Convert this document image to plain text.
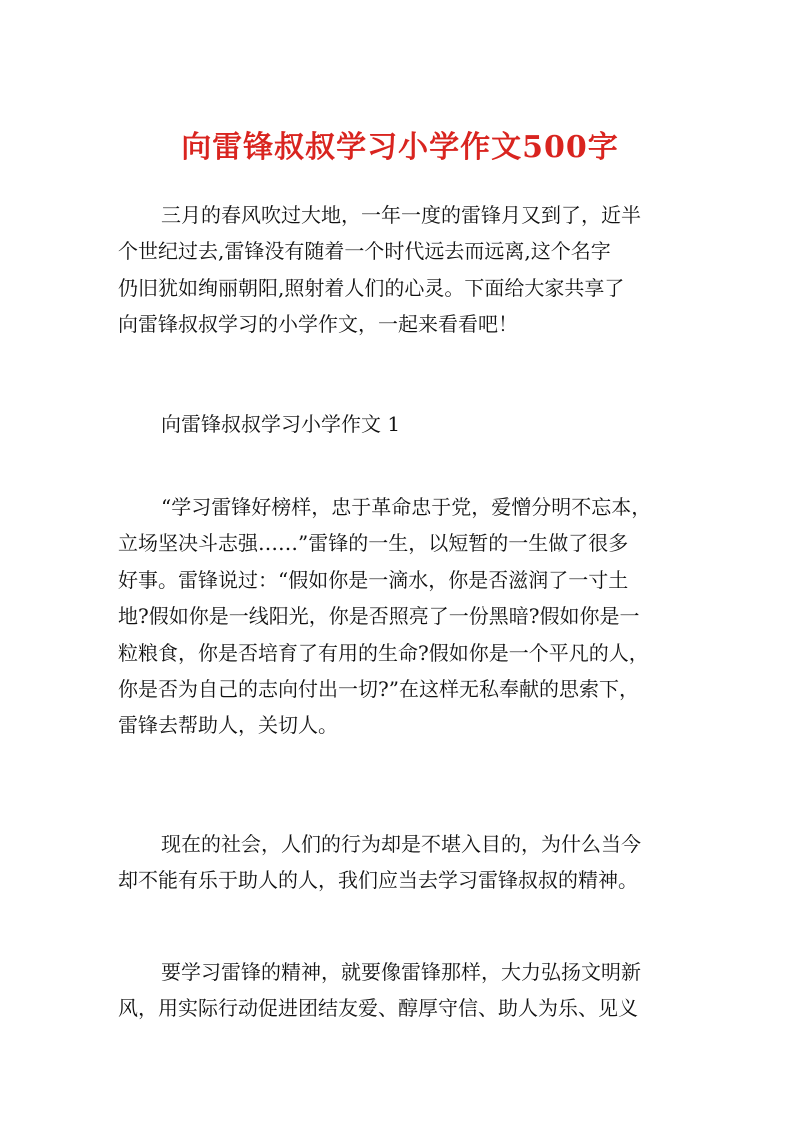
向雷锋叔叔学习小学作文500字
三月的春风吹过大地，一年一度的雷锋月又到了，近半
个世纪过去,雷锋没有随着一个时代远去而远离,这个名字
仍旧犹如绚丽朝阳,照射着人们的心灵。下面给大家共享了
向雷锋叔叔学习的小学作文，一起来看看吧！
向雷锋叔叔学习小学作文 1
“学习雷锋好榜样，忠于革命忠于党，爱憎分明不忘本，
立场坚决斗志强……”雷锋的一生，以短暂的一生做了很多
好事。雷锋说过：“假如你是一滴水，你是否滋润了一寸土
地?假如你是一线阳光，你是否照亮了一份黑暗?假如你是一
粒粮食，你是否培育了有用的生命?假如你是一个平凡的人，
你是否为自己的志向付出一切?”在这样无私奉献的思索下，
雷锋去帮助人，关切人。
现在的社会，人们的行为却是不堪入目的，为什么当今
却不能有乐于助人的人，我们应当去学习雷锋叔叔的精神。
要学习雷锋的精神，就要像雷锋那样，大力弘扬文明新
风，用实际行动促进团结友爱、醇厚守信、助人为乐、见义
